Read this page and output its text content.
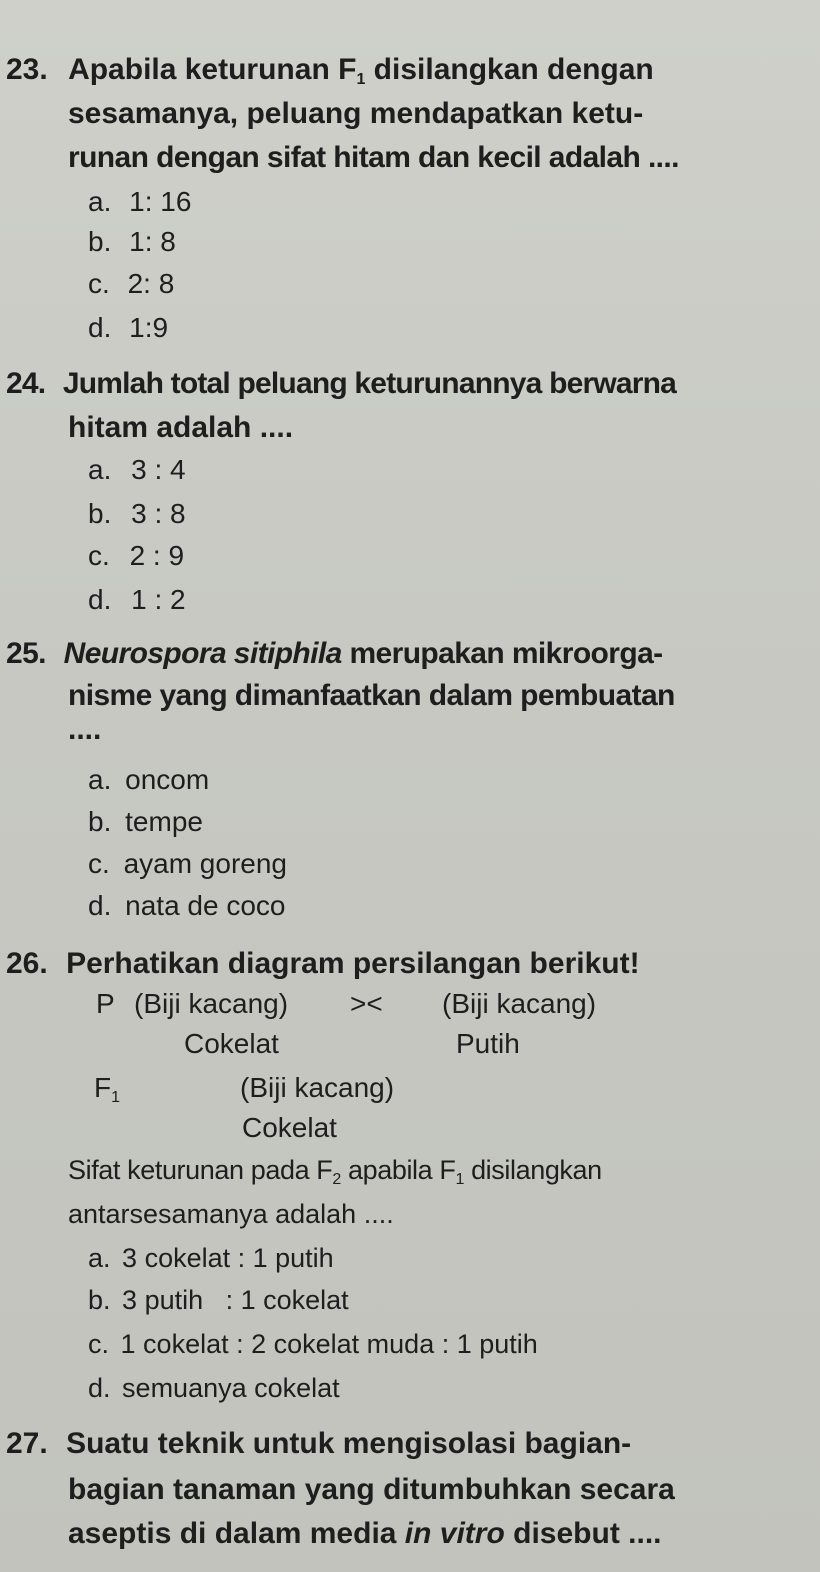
23. Apabila keturunan $F_1$ disilangkan dengan
sesamanya, peluang mendapatkan ketu-
runan dengan sifat hitam dan kecil adalah ....
a. 1: 16
b. 1: 8
c. 2: 8
d. 1:9
24. Jumlah total peluang keturunannya berwarna
hitam adalah ....
a. 3 : 4
b. 3 : 8
c. 2 : 9
d. 1 : 2
25. Neurospora sitiphila merupakan mikroorga-
nisme yang dimanfaatkan dalam pembuatan
....
a. oncom
b. tempe
c. ayam goreng
d. nata de coco
26. Perhatikan diagram persilangan berikut!
P (Biji kacang) >< (Biji kacang)
Cokelat	Putih
$F_1$	(Biji kacang)
Cokelat
Sifat keturunan pada $F_2$ apabila $F_1$ disilangkan
antarsesamanya adalah ....
a. 3 cokelat : 1 putih
b. 3 putih   : 1 cokelat
c. 1 cokelat : 2 cokelat muda : 1 putih
d. semuanya cokelat
27. Suatu teknik untuk mengisolasi bagian-
bagian tanaman yang ditumbuhkan secara
aseptis di dalam media in vitro disebut ....
